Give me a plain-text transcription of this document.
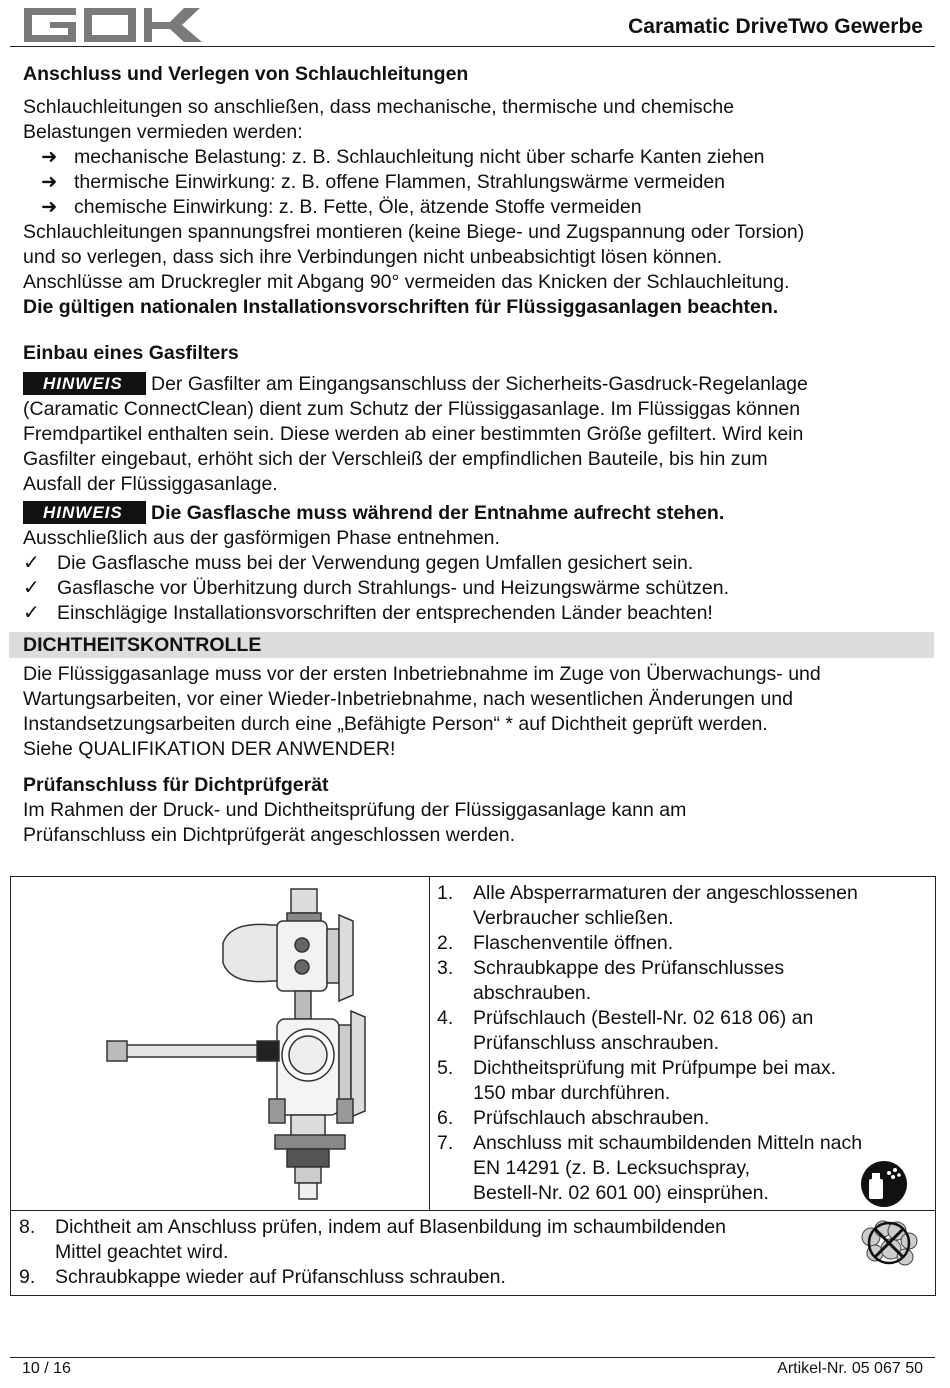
Caramatic DriveTwo Gewerbe
Anschluss und Verlegen von Schlauchleitungen
Schlauchleitungen so anschließen, dass mechanische, thermische und chemische
Belastungen vermieden werden:
➜ mechanische Belastung: z. B. Schlauchleitung nicht über scharfe Kanten ziehen
➜ thermische Einwirkung: z. B. offene Flammen, Strahlungswärme vermeiden
➜ chemische Einwirkung: z. B. Fette, Öle, ätzende Stoffe vermeiden
Schlauchleitungen spannungsfrei montieren (keine Biege- und Zugspannung oder Torsion)
und so verlegen, dass sich ihre Verbindungen nicht unbeabsichtigt lösen können.
Anschlüsse am Druckregler mit Abgang 90° vermeiden das Knicken der Schlauchleitung.
Die gültigen nationalen Installationsvorschriften für Flüssiggasanlagen beachten.
Einbau eines Gasfilters
HINWEIS Der Gasfilter am Eingangsanschluss der Sicherheits-Gasdruck-Regelanlage
(Caramatic ConnectClean) dient zum Schutz der Flüssiggasanlage. Im Flüssiggas können
Fremdpartikel enthalten sein. Diese werden ab einer bestimmten Größe gefiltert. Wird kein
Gasfilter eingebaut, erhöht sich der Verschleiß der empfindlichen Bauteile, bis hin zum
Ausfall der Flüssiggasanlage.
HINWEIS Die Gasflasche muss während der Entnahme aufrecht stehen.
Ausschließlich aus der gasförmigen Phase entnehmen.
✓ Die Gasflasche muss bei der Verwendung gegen Umfallen gesichert sein.
✓ Gasflasche vor Überhitzung durch Strahlungs- und Heizungswärme schützen.
✓ Einschlägige Installationsvorschriften der entsprechenden Länder beachten!
DICHTHEITSKONTROLLE
Die Flüssiggasanlage muss vor der ersten Inbetriebnahme im Zuge von Überwachungs- und
Wartungsarbeiten, vor einer Wieder-Inbetriebnahme, nach wesentlichen Änderungen und
Instandsetzungsarbeiten durch eine „Befähigte Person“ * auf Dichtheit geprüft werden.
Siehe QUALIFIKATION DER ANWENDER!
Prüfanschluss für Dichtprüfgerät
Im Rahmen der Druck- und Dichtheitsprüfung der Flüssiggasanlage kann am
Prüfanschluss ein Dichtprüfgerät angeschlossen werden.
1.	Alle Absperrarmaturen der angeschlossenen
Verbraucher schließen.
2.	Flaschenventile öffnen.
3.	Schraubkappe des Prüfanschlusses
abschrauben.
4.	Prüfschlauch (Bestell-Nr. 02 618 06) an
Prüfanschluss anschrauben.
5.	Dichtheitsprüfung mit Prüfpumpe bei max.
150 mbar durchführen.
6.	Prüfschlauch abschrauben.
7.	Anschluss mit schaumbildenden Mitteln nach
EN 14291 (z. B. Lecksuchspray,
Bestell-Nr. 02 601 00) einsprühen.
8.	Dichtheit am Anschluss prüfen, indem auf Blasenbildung im schaumbildenden
Mittel geachtet wird.
9.	Schraubkappe wieder auf Prüfanschluss schrauben.
10 / 16	Artikel-Nr. 05 067 50
